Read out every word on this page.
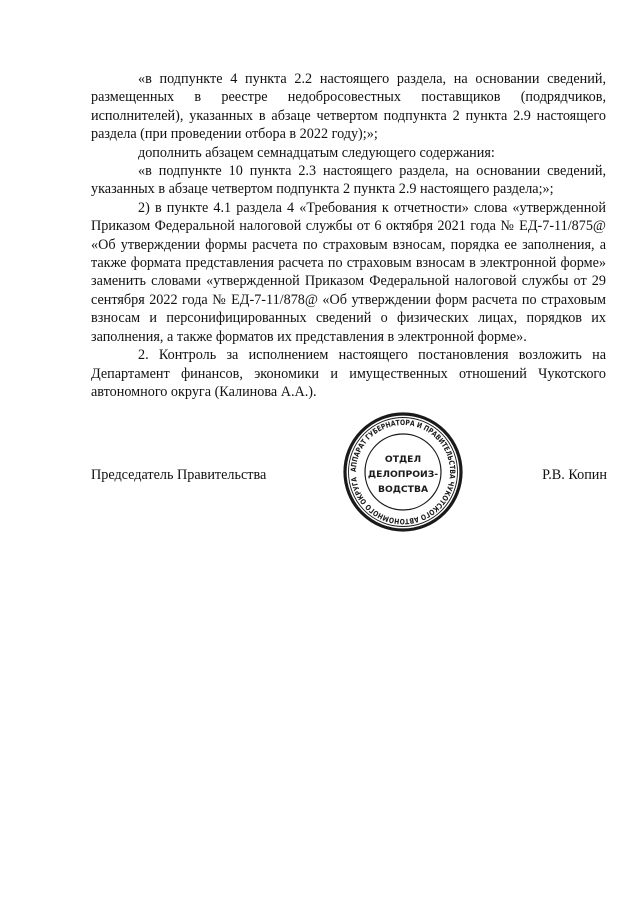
«в подпункте 4 пункта 2.2 настоящего раздела, на основании сведений, размещенных в реестре недобросовестных поставщиков (подрядчиков, исполнителей), указанных в абзаце четвертом подпункта 2 пункта 2.9 настоящего раздела (при проведении отбора в 2022 году);»;

дополнить абзацем семнадцатым следующего содержания:

«в подпункте 10 пункта 2.3 настоящего раздела, на основании сведений, указанных в абзаце четвертом подпункта 2 пункта 2.9 настоящего раздела;»;

2) в пункте 4.1 раздела 4 «Требования к отчетности» слова «утвержденной Приказом Федеральной налоговой службы от 6 октября 2021 года № ЕД-7-11/875@ «Об утверждении формы расчета по страховым взносам, порядка ее заполнения, а также формата представления расчета по страховым взносам в электронной форме» заменить словами «утвержденной Приказом Федеральной налоговой службы от 29 сентября 2022 года № ЕД-7-11/878@ «Об утверждении форм расчета по страховым взносам и персонифицированных сведений о физических лицах, порядков их заполнения, а также форматов их представления в электронной форме».

2. Контроль за исполнением настоящего постановления возложить на Департамент финансов, экономики и имущественных отношений Чукотского автономного округа (Калинова А.А.).

Председатель Правительства	Р.В. Копин
АППАРАТ ГУБЕРНАТОРА И ПРАВИТЕЛЬСТВА ЧУКОТСКОГО АВТОНОМНОГО ОКРУГА
ОТДЕЛ
ДЕЛОПРОИЗ-
ВОДСТВА
